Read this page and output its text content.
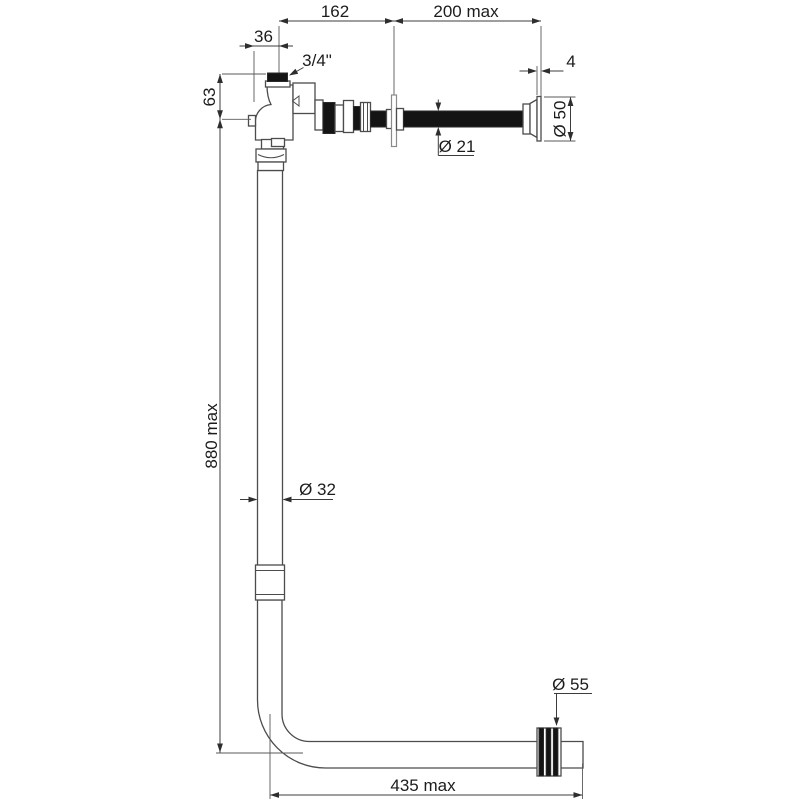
162	200 max
36
3/4"
63
880 max
4
Ø 50
Ø 21
Ø 32
Ø 55
435 max
